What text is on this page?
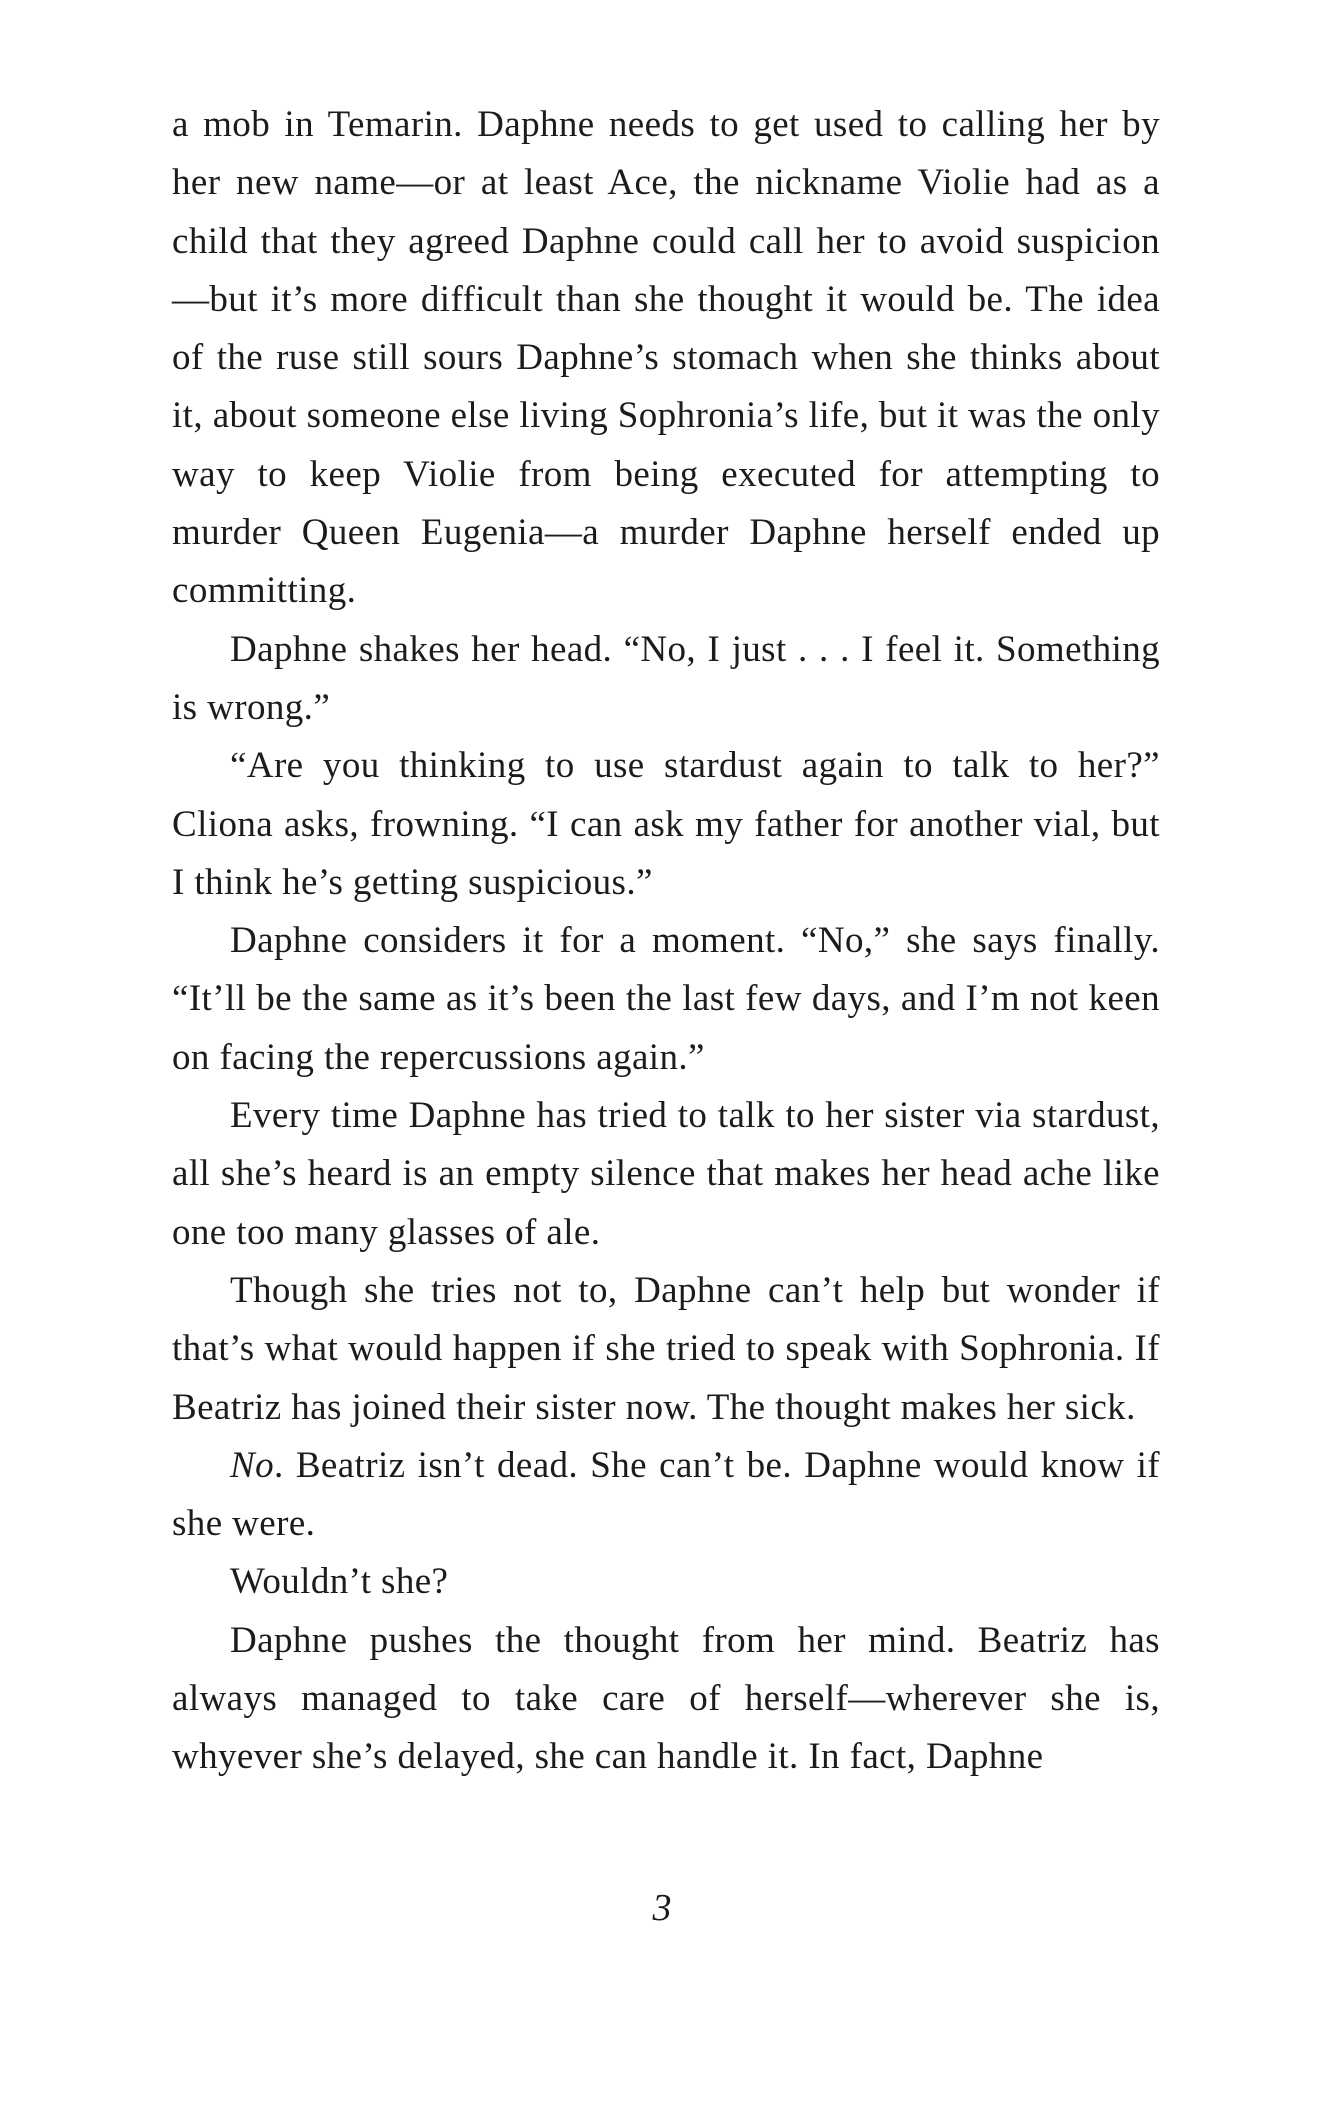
a mob in Temarin. Daphne needs to get used to calling her by her new name—or at least Ace, the nickname Violie had as a child that they agreed Daphne could call her to avoid suspicion—but it’s more difficult than she thought it would be. The idea of the ruse still sours Daphne’s stomach when she thinks about it, about someone else living Sophronia’s life, but it was the only way to keep Violie from being executed for attempting to murder Queen Eugenia—a murder Daphne herself ended up committing.

Daphne shakes her head. “No, I just . . . I feel it. Something is wrong.”

“Are you thinking to use stardust again to talk to her?” Cliona asks, frowning. “I can ask my father for another vial, but I think he’s getting suspicious.”

Daphne considers it for a moment. “No,” she says finally. “It’ll be the same as it’s been the last few days, and I’m not keen on facing the repercussions again.”

Every time Daphne has tried to talk to her sister via stardust, all she’s heard is an empty silence that makes her head ache like one too many glasses of ale.

Though she tries not to, Daphne can’t help but wonder if that’s what would happen if she tried to speak with Sophronia. If Beatriz has joined their sister now. The thought makes her sick.

No. Beatriz isn’t dead. She can’t be. Daphne would know if she were.

Wouldn’t she?

Daphne pushes the thought from her mind. Beatriz has always managed to take care of herself—wherever she is, whyever she’s delayed, she can handle it. In fact, Daphne

3
